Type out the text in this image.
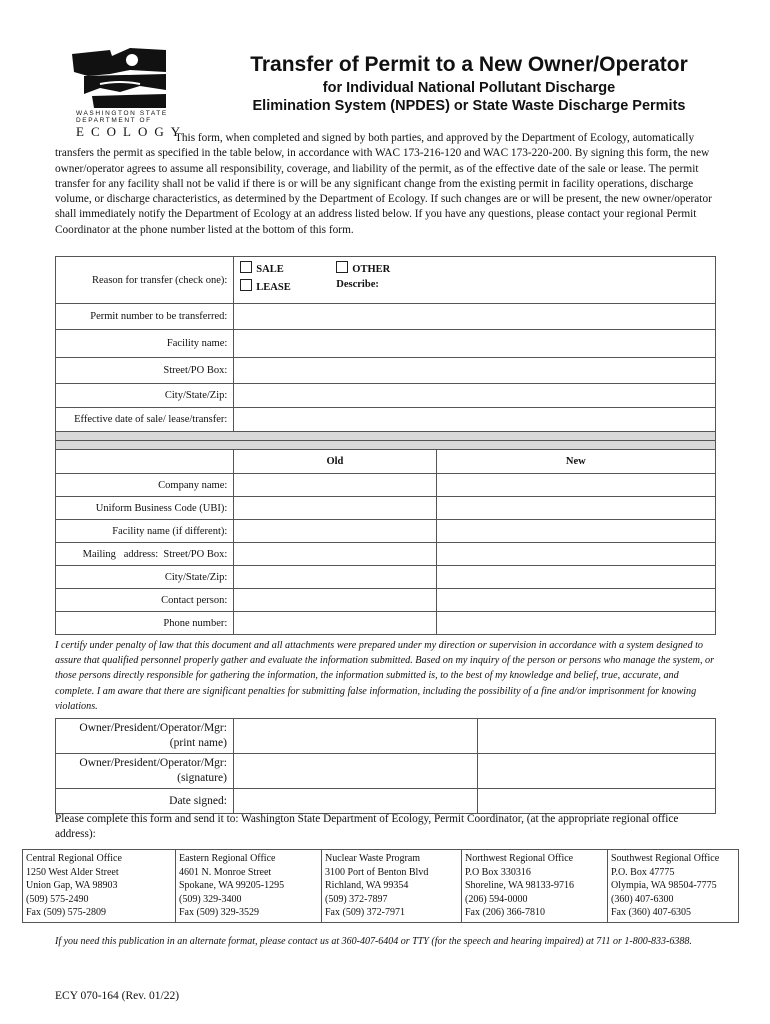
WASHINGTON STATE
DEPARTMENT OF
ECOLOGY
Transfer of Permit to a New Owner/Operator
for Individual National Pollutant Discharge
Elimination System (NPDES) or State Waste Discharge Permits
This form, when completed and signed by both parties, and approved by the Department of Ecology, automatically transfers the permit as specified in the table below, in accordance with WAC 173-216-120 and WAC 173-220-200. By signing this form, the new owner/operator agrees to assume all responsibility, coverage, and liability of the permit, as of the effective date of the sale or lease. The permit transfer for any facility shall not be valid if there is or will be any significant change from the existing permit in facility operations, discharge volume, or discharge characteristics, as determined by the Department of Ecology. If such changes are or will be present, the new owner/operator shall immediately notify the Department of Ecology at an address listed below. If you have any questions, please contact your regional Permit Coordinator at the phone number listed at the bottom of this form.
Reason for transfer (check one):	SALE
LEASE
OTHER
Describe:	

Permit number to be transferred:		
Facility name:		
Street/PO Box:		
City/State/Zip:		
Effective date of sale/ lease/transfer:		

	Old	New
Company name:		
Uniform Business Code (UBI):		
Facility name (if different):		
Mailing   address:  Street/PO Box:		
City/State/Zip:		
Contact person:		
Phone number:		
I certify under penalty of law that this document and all attachments were prepared under my direction or supervision in accordance with a system designed to assure that qualified personnel properly gather and evaluate the information submitted. Based on my inquiry of the person or persons who manage the system, or those persons directly responsible for gathering the information, the information submitted is, to the best of my knowledge and belief, true, accurate, and complete. I am aware that there are significant penalties for submitting false information, including the possibility of a fine and/or imprisonment for knowing violations.
Owner/President/Operator/Mgr:
(print name)		

Owner/President/Operator/Mgr:
(signature)		

Date signed:		
Please complete this form and send it to: Washington State Department of Ecology, Permit Coordinator, (at the appropriate regional office address):
Central Regional Office
1250 West Alder Street
Union Gap, WA 98903
(509) 575-2490
Fax (509) 575-2809

Eastern Regional Office
4601 N. Monroe Street
Spokane, WA 99205-1295
(509) 329-3400
Fax (509) 329-3529

Nuclear Waste Program
3100 Port of Benton Blvd
Richland, WA 99354
(509) 372-7897
Fax (509) 372-7971

Northwest Regional Office
P.O Box 330316
Shoreline, WA 98133-9716
(206) 594-0000
Fax (206) 366-7810

Southwest Regional Office
P.O. Box 47775
Olympia, WA 98504-7775
(360) 407-6300
Fax (360) 407-6305
If you need this publication in an alternate format, please contact us at 360-407-6404 or TTY (for the speech and hearing impaired) at 711 or 1-800-833-6388.
ECY 070-164 (Rev. 01/22)
